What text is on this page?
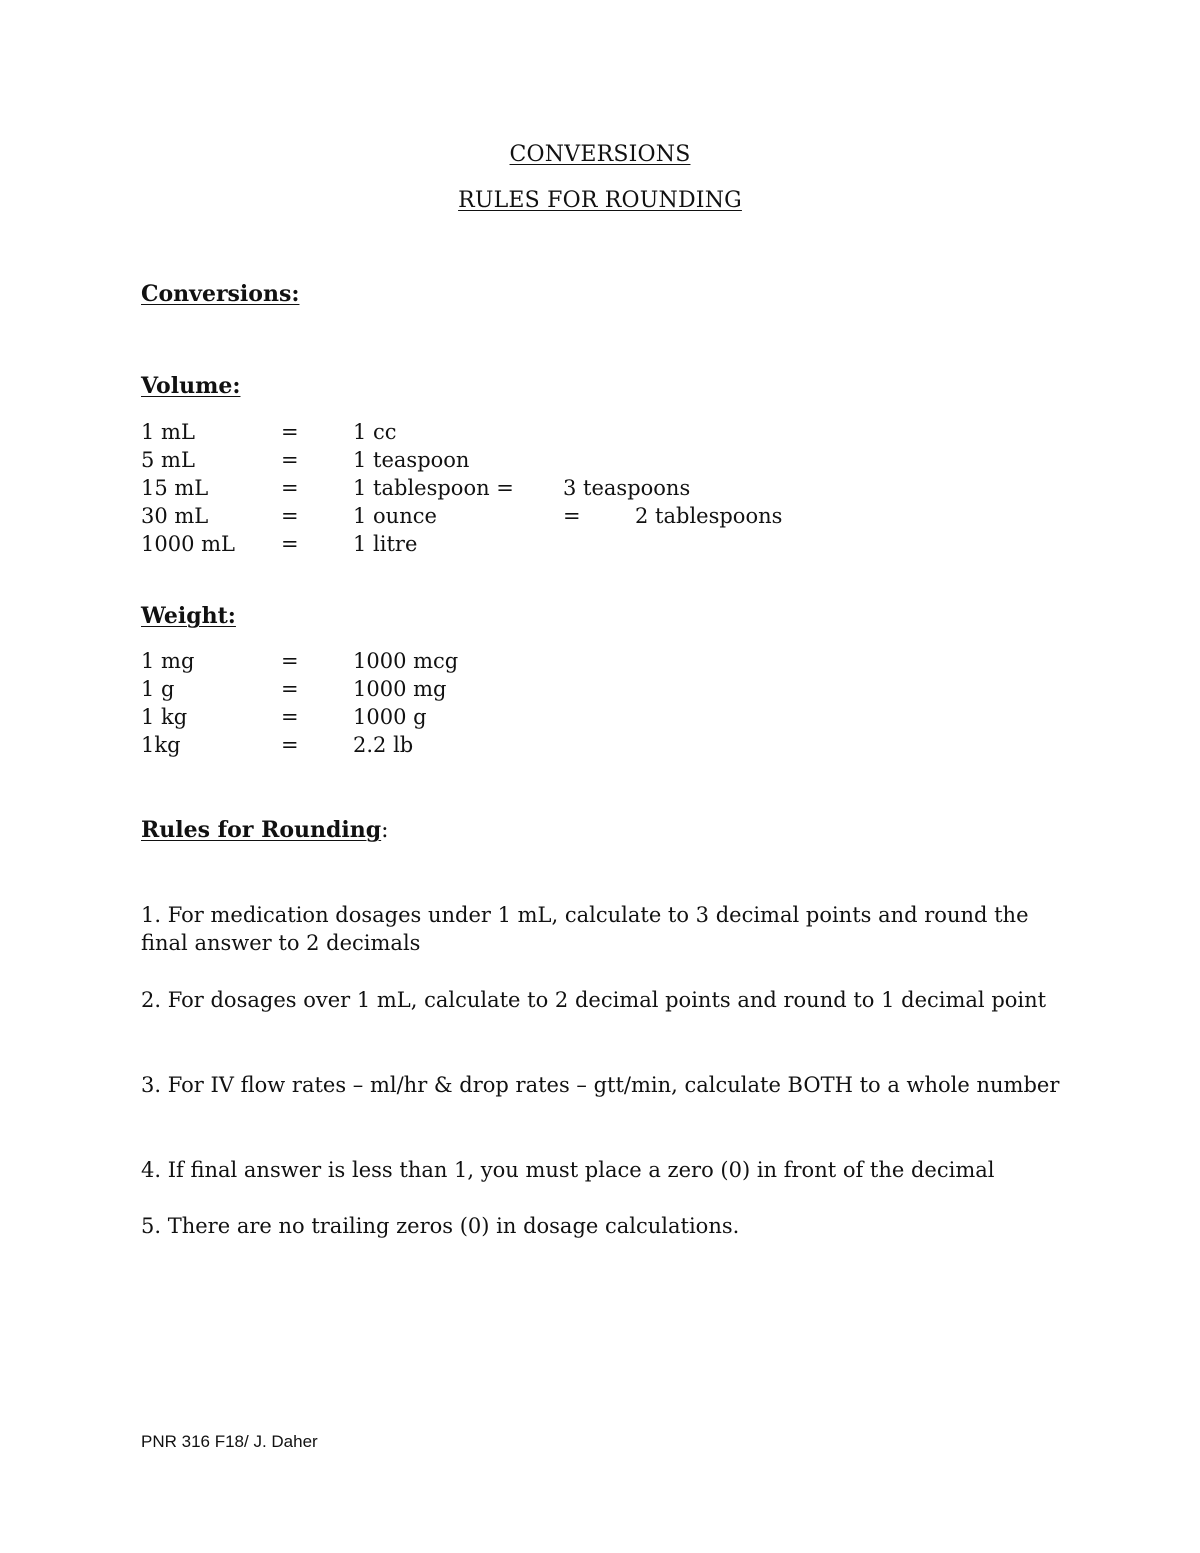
CONVERSIONS
RULES FOR ROUNDING
Conversions:
Volume:
1 mL	=	1 cc
5 mL	=	1 teaspoon
15 mL	=	1 tablespoon = 3 teaspoons
30 mL	=	1 ounce	=	2 tablespoons
1000 mL =	1 litre
Weight:
1 mg	=	1000 mcg
1 g	=	1000 mg
1 kg	=	1000 g
1kg	=	2.2 lb
Rules for Rounding:
1. For medication dosages under 1 mL, calculate to 3 decimal points and round the final answer to 2 decimals
2. For dosages over 1 mL, calculate to 2 decimal points and round to 1 decimal point
3. For IV flow rates – ml/hr & drop rates – gtt/min, calculate BOTH to a whole number
4. If final answer is less than 1, you must place a zero (0) in front of the decimal
5. There are no trailing zeros (0) in dosage calculations.
PNR 316 F18/ J. Daher
